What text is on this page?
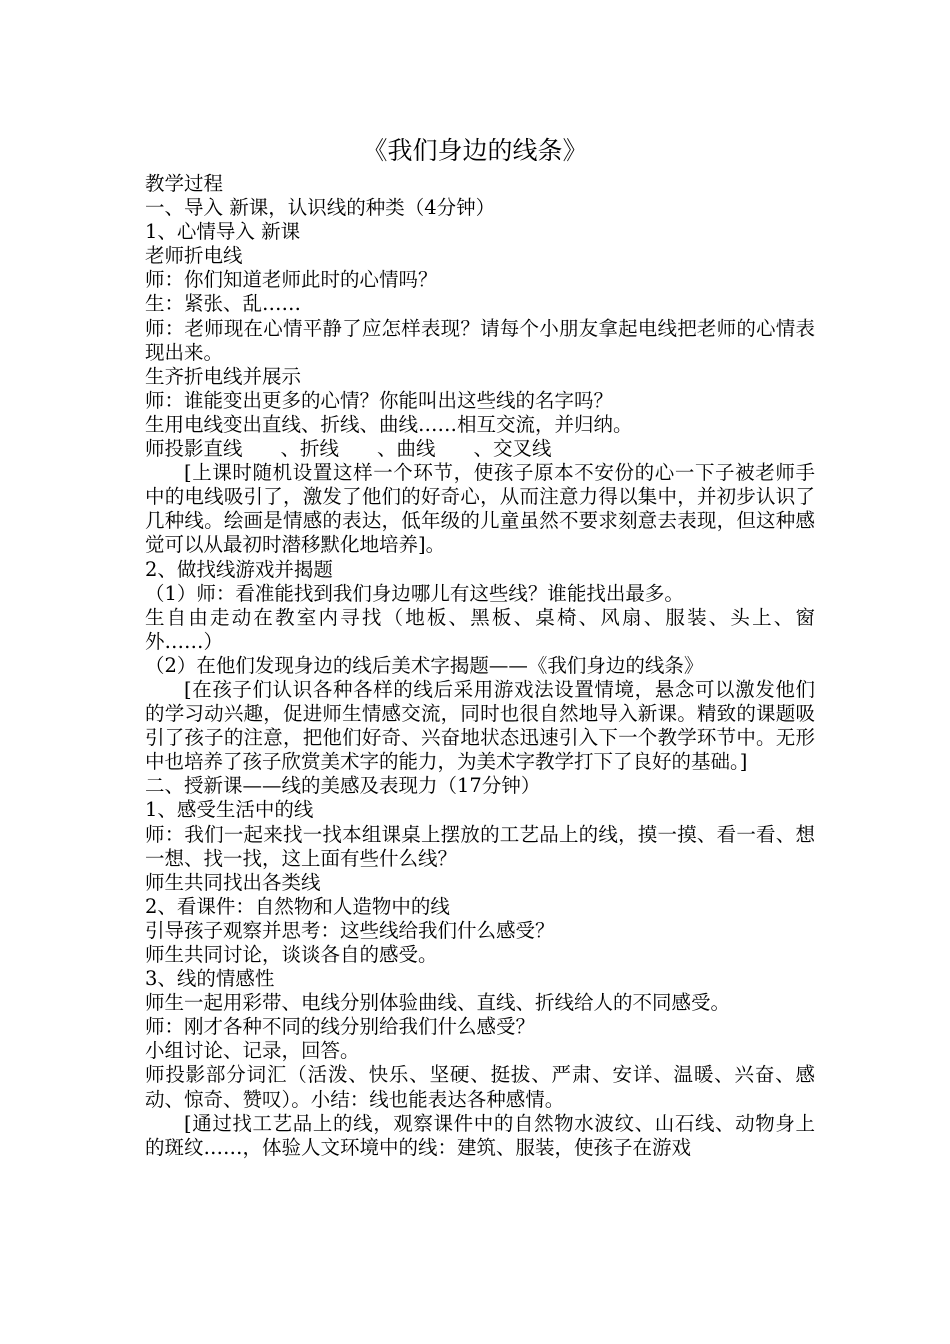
《我们身边的线条》

教学过程

一、导入 新课，认识线的种类（4分钟）

1、心情导入 新课

老师折电线

师：你们知道老师此时的心情吗？

生：紧张、乱……

师：老师现在心情平静了应怎样表现？请每个小朋友拿起电线把老师的心情表现出来。

生齐折电线并展示

师：谁能变出更多的心情？你能叫出这些线的名字吗？

生用电线变出直线、折线、曲线……相互交流，并归纳。

师投影直线 、折线 、曲线 、交叉线

[上课时随机设置这样一个环节，使孩子原本不安份的心一下子被老师手中的电线吸引了，激发了他们的好奇心，从而注意力得以集中，并初步认识了几种线。绘画是情感的表达，低年级的儿童虽然不要求刻意去表现，但这种感觉可以从最初时潜移默化地培养]。

2、做找线游戏并揭题

（1）师：看准能找到我们身边哪儿有这些线？谁能找出最多。

生自由走动在教室内寻找（地板、黑板、桌椅、风扇、服装、头上、窗外……）

（2）在他们发现身边的线后美术字揭题——《我们身边的线条》

[在孩子们认识各种各样的线后采用游戏法设置情境，悬念可以激发他们的学习动兴趣，促进师生情感交流，同时也很自然地导入新课。精致的课题吸引了孩子的注意，把他们好奇、兴奋地状态迅速引入下一个教学环节中。无形中也培养了孩子欣赏美术字的能力，为美术字教学打下了良好的基础。]

二、授新课——线的美感及表现力（17分钟）

1、感受生活中的线

师：我们一起来找一找本组课桌上摆放的工艺品上的线，摸一摸、看一看、想一想、找一找，这上面有些什么线？

师生共同找出各类线

2、看课件：自然物和人造物中的线

引导孩子观察并思考：这些线给我们什么感受？

师生共同讨论，谈谈各自的感受。

3、线的情感性

师生一起用彩带、电线分别体验曲线、直线、折线给人的不同感受。

师：刚才各种不同的线分别给我们什么感受？

小组讨论、记录，回答。

师投影部分词汇（活泼、快乐、坚硬、挺拔、严肃、安详、温暖、兴奋、感动、惊奇、赞叹）。小结：线也能表达各种感情。

[通过找工艺品上的线，观察课件中的自然物水波纹、山石线、动物身上的斑纹……，体验人文环境中的线：建筑、服装，使孩子在游戏
